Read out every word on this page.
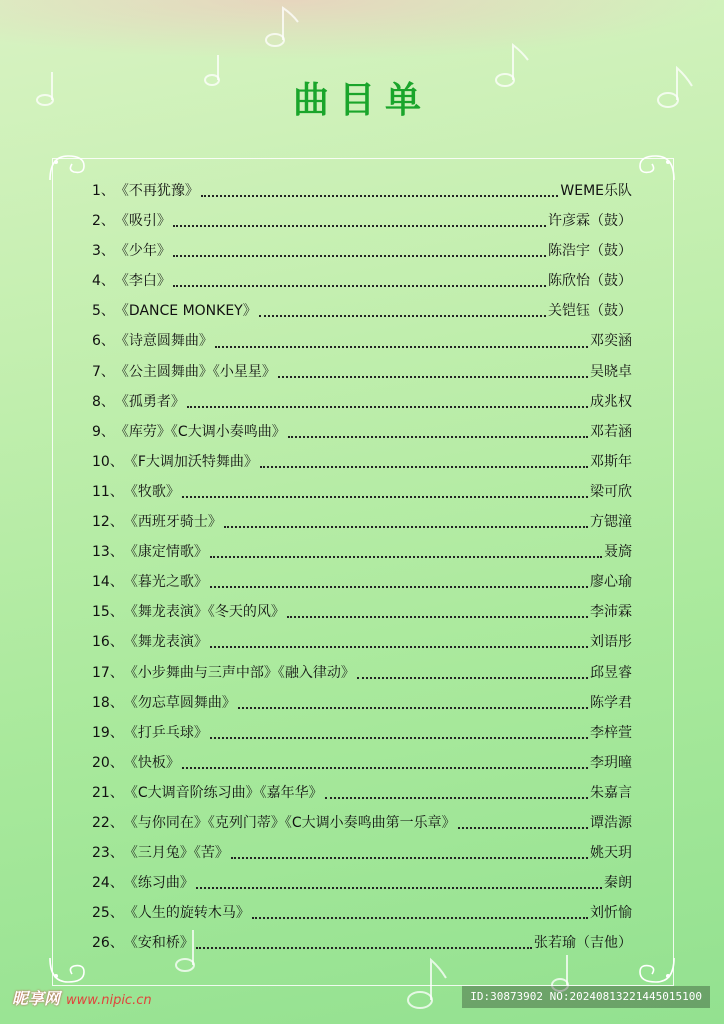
曲目单
1、 《不再犹豫》	WEME乐队
2、 《吸引》	许彦霖（鼓）
3、 《少年》	陈浩宇（鼓）
4、 《李白》	陈欣怡（鼓）
5、 《DANCE MONKEY》	关铠钰（鼓）
6、 《诗意圆舞曲》	邓奕涵
7、 《公主圆舞曲》《小星星》	吴晓卓
8、 《孤勇者》	成兆权
9、 《库劳》《C大调小奏鸣曲》	邓若涵
10、 《F大调加沃特舞曲》	邓斯年
11、 《牧歌》	梁可欣
12、 《西班牙骑士》	方锶潼
13、 《康定情歌》	聂旖
14、 《暮光之歌》	廖心瑜
15、 《舞龙表演》《冬天的风》	李沛霖
16、 《舞龙表演》	刘语彤
17、 《小步舞曲与三声中部》《融入律动》	邱昱睿
18、 《勿忘草圆舞曲》	陈学君
19、 《打乒乓球》	李梓萱
20、 《快板》	李玥曈
21、 《C大调音阶练习曲》《嘉年华》	朱嘉言
22、 《与你同在》《克列门蒂》《C大调小奏鸣曲第一乐章》	谭浩源
23、 《三月兔》《苦》	姚天玥
24、 《练习曲》	秦朗
25、 《人生的旋转木马》	刘忻愉
26、 《安和桥》	张若瑜（吉他）
昵享网 www.nipic.cn	ID:30873902 NO:20240813221445015100
